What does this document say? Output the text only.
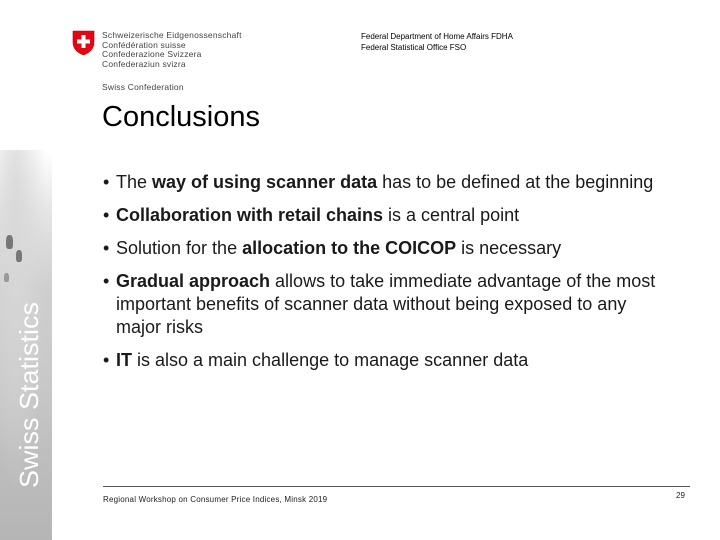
Swiss Statistics
Schweizerische Eidgenossenschaft
Confédération suisse
Confederazione Svizzera
Confederaziun svizra
Swiss Confederation
Federal Department of Home Affairs FDHA
Federal Statistical Office FSO
Conclusions
• The way of using scanner data has to be defined at the beginning
• Collaboration with retail chains is a central point
• Solution for the allocation to the COICOP is necessary
• Gradual approach allows to take immediate advantage of the most important benefits of scanner data without being exposed to any major risks
• IT is also a main challenge to manage scanner data
Regional Workshop on Consumer Price Indices, Minsk 2019	29
